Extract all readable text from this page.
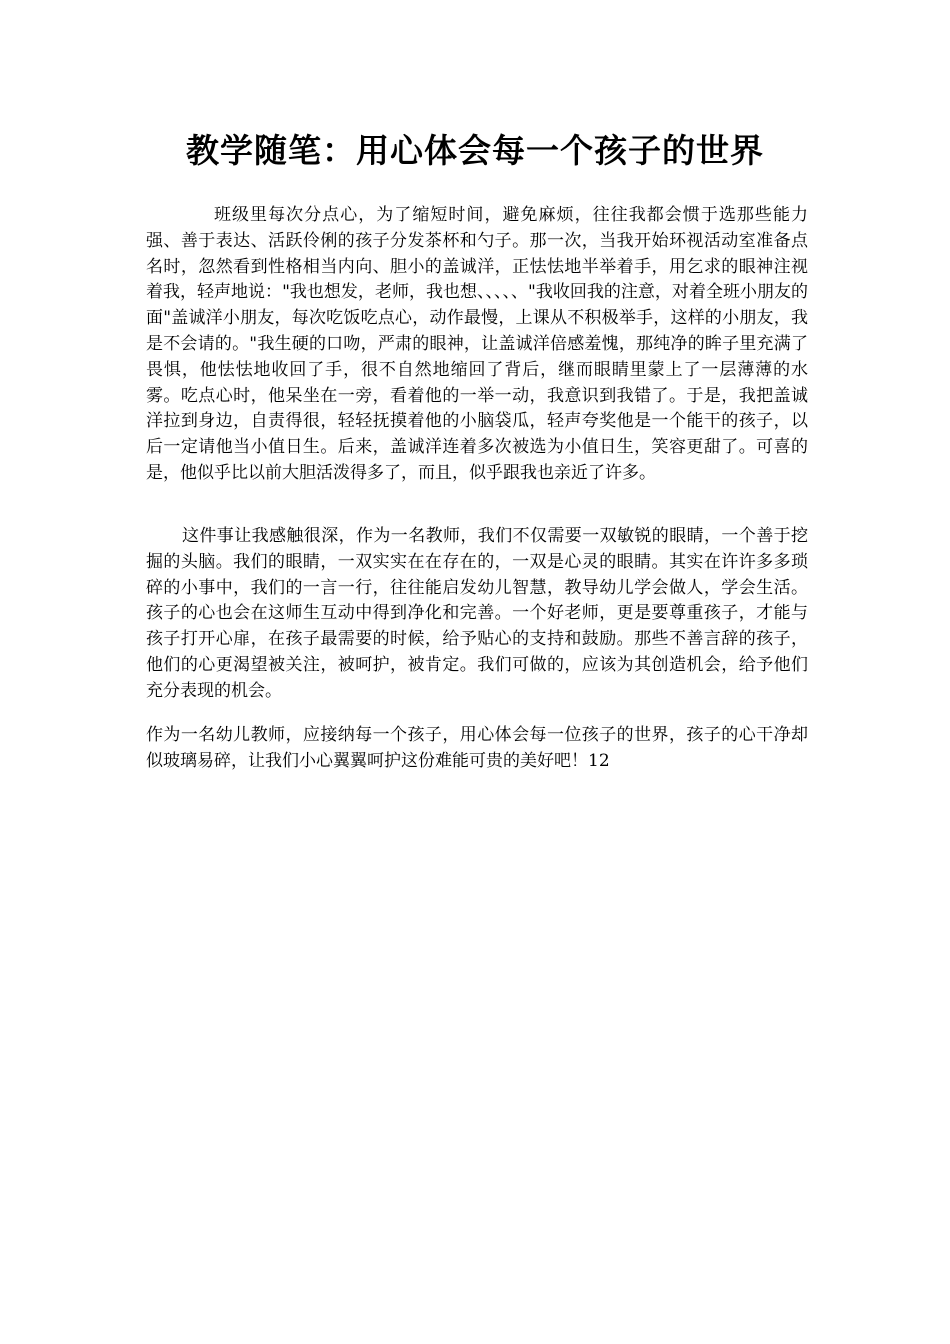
教学随笔：用心体会每一个孩子的世界

班级里每次分点心，为了缩短时间，避免麻烦，往往我都会惯于选那些能力强、善于表达、活跃伶俐的孩子分发茶杯和勺子。那一次，当我开始环视活动室准备点名时，忽然看到性格相当内向、胆小的盖诚洋，正怯怯地半举着手，用乞求的眼神注视着我，轻声地说："我也想发，老师，我也想、、、、、"我收回我的注意，对着全班小朋友的面"盖诚洋小朋友，每次吃饭吃点心，动作最慢，上课从不积极举手，这样的小朋友，我是不会请的。"我生硬的口吻，严肃的眼神，让盖诚洋倍感羞愧，那纯净的眸子里充满了畏惧，他怯怯地收回了手，很不自然地缩回了背后，继而眼睛里蒙上了一层薄薄的水雾。吃点心时，他呆坐在一旁，看着他的一举一动，我意识到我错了。于是，我把盖诚洋拉到身边，自责得很，轻轻抚摸着他的小脑袋瓜，轻声夸奖他是一个能干的孩子，以后一定请他当小值日生。后来，盖诚洋连着多次被选为小值日生，笑容更甜了。可喜的是，他似乎比以前大胆活泼得多了，而且，似乎跟我也亲近了许多。

这件事让我感触很深，作为一名教师，我们不仅需要一双敏锐的眼睛，一个善于挖掘的头脑。我们的眼睛，一双实实在在存在的，一双是心灵的眼睛。其实在许许多多琐碎的小事中，我们的一言一行，往往能启发幼儿智慧，教导幼儿学会做人，学会生活。孩子的心也会在这师生互动中得到净化和完善。一个好老师，更是要尊重孩子，才能与孩子打开心扉，在孩子最需要的时候，给予贴心的支持和鼓励。那些不善言辞的孩子，他们的心更渴望被关注，被呵护，被肯定。我们可做的，应该为其创造机会，给予他们充分表现的机会。

作为一名幼儿教师，应接纳每一个孩子，用心体会每一位孩子的世界，孩子的心干净却似玻璃易碎，让我们小心翼翼呵护这份难能可贵的美好吧！12
